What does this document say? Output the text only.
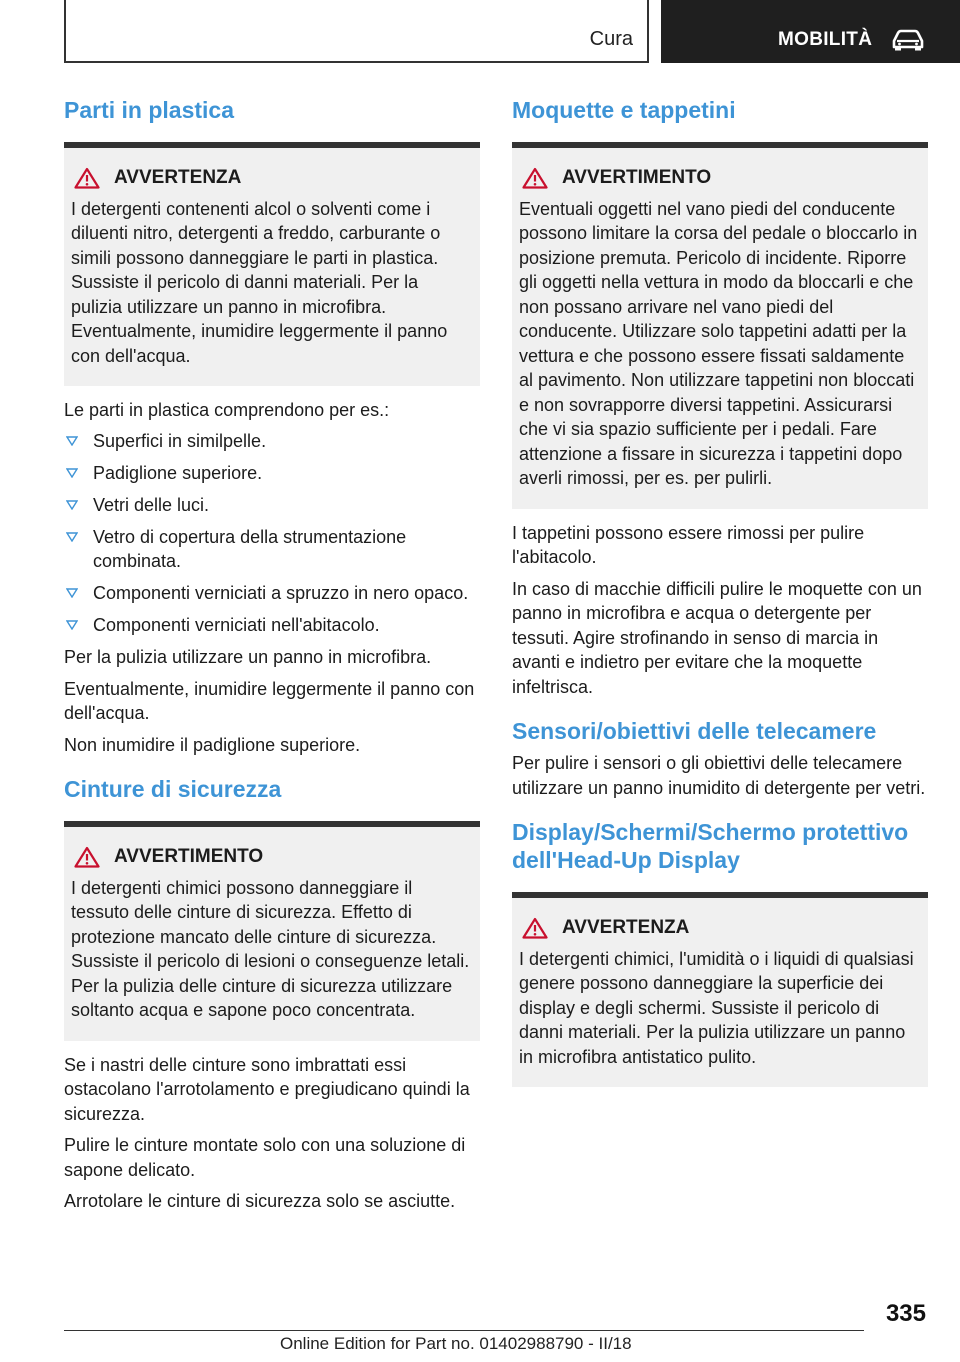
Cura	MOBILITÀ
Parti in plastica
AVVERTENZA
I detergenti contenenti alcol o solventi come i diluenti nitro, detergenti a freddo, carburante o simili possono danneggiare le parti in plastica. Sussiste il pericolo di danni materiali. Per la pulizia utilizzare un panno in microfibra. Eventualmente, inumidire leggermente il panno con dell'acqua.

Le parti in plastica comprendono per es.:

Superfici in similpelle.
Padiglione superiore.
Vetri delle luci.
Vetro di copertura della strumentazione combinata.
Componenti verniciati a spruzzo in nero opaco.
Componenti verniciati nell'abitacolo.

Per la pulizia utilizzare un panno in microfibra.

Eventualmente, inumidire leggermente il panno con dell'acqua.

Non inumidire il padiglione superiore.

Cinture di sicurezza
AVVERTIMENTO
I detergenti chimici possono danneggiare il tessuto delle cinture di sicurezza. Effetto di protezione mancato delle cinture di sicurezza. Sussiste il pericolo di lesioni o conseguenze letali. Per la pulizia delle cinture di sicurezza utilizzare soltanto acqua e sapone poco concentrata.

Se i nastri delle cinture sono imbrattati essi ostacolano l'arrotolamento e pregiudicano quindi la sicurezza.

Pulire le cinture montate solo con una soluzione di sapone delicato.

Arrotolare le cinture di sicurezza solo se asciutte.

Moquette e tappetini
AVVERTIMENTO
Eventuali oggetti nel vano piedi del conducente possono limitare la corsa del pedale o bloccarlo in posizione premuta. Pericolo di incidente. Riporre gli oggetti nella vettura in modo da bloccarli e che non possano arrivare nel vano piedi del conducente. Utilizzare solo tappetini adatti per la vettura e che possono essere fissati saldamente al pavimento. Non utilizzare tappetini non bloccati e non sovrapporre diversi tappetini. Assicurarsi che vi sia spazio sufficiente per i pedali. Fare attenzione a fissare in sicurezza i tappetini dopo averli rimossi, per es. per pulirli.

I tappetini possono essere rimossi per pulire l'abitacolo.

In caso di macchie difficili pulire le moquette con un panno in microfibra e acqua o detergente per tessuti. Agire strofinando in senso di marcia in avanti e indietro per evitare che la moquette infeltrisca.

Sensori/obiettivi delle telecamere

Per pulire i sensori o gli obiettivi delle telecamere utilizzare un panno inumidito di detergente per vetri.

Display/Schermi/Schermo protettivo dell'Head-Up Display
AVVERTENZA
I detergenti chimici, l'umidità o i liquidi di qualsiasi genere possono danneggiare la superficie dei display e degli schermi. Sussiste il pericolo di danni materiali. Per la pulizia utilizzare un panno in microfibra antistatico pulito.
335
Online Edition for Part no. 01402988790 - II/18
